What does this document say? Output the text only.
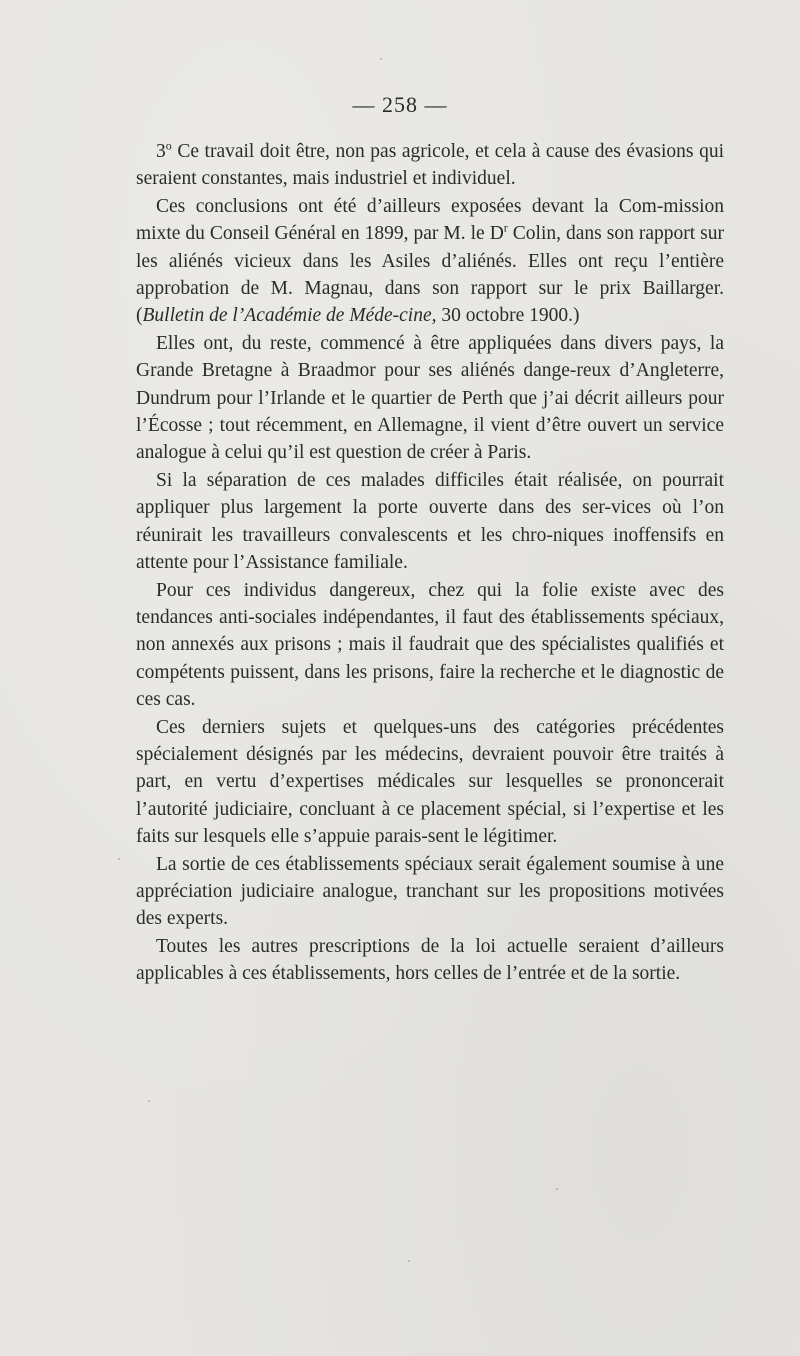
— 258 —

3$^o$ Ce travail doit être, non pas agricole, et cela à cause des évasions qui seraient constantes, mais industriel et individuel.

Ces conclusions ont été d’ailleurs exposées devant la Com-mission mixte du Conseil Général en 1899, par M. le $D^r$ Colin, dans son rapport sur les aliénés vicieux dans les Asiles d’aliénés. Elles ont reçu l’entière approbation de M. Magnau, dans son rapport sur le prix Baillarger. (Bulletin de l’Académie de Méde-cine, 30 octobre 1900.)

Elles ont, du reste, commencé à être appliquées dans divers pays, la Grande Bretagne à Braadmor pour ses aliénés dange-reux d’Angleterre, Dundrum pour l’Irlande et le quartier de Perth que j’ai décrit ailleurs pour l’Écosse ; tout récemment, en Allemagne, il vient d’être ouvert un service analogue à celui qu’il est question de créer à Paris.

Si la séparation de ces malades difficiles était réalisée, on pourrait appliquer plus largement la porte ouverte dans des ser-vices où l’on réunirait les travailleurs convalescents et les chro-niques inoffensifs en attente pour l’Assistance familiale.

Pour ces individus dangereux, chez qui la folie existe avec des tendances anti-sociales indépendantes, il faut des établissements spéciaux, non annexés aux prisons ; mais il faudrait que des spécialistes qualifiés et compétents puissent, dans les prisons, faire la recherche et le diagnostic de ces cas.

Ces derniers sujets et quelques-uns des catégories précédentes spécialement désignés par les médecins, devraient pouvoir être traités à part, en vertu d’expertises médicales sur lesquelles se prononcerait l’autorité judiciaire, concluant à ce placement spécial, si l’expertise et les faits sur lesquels elle s’appuie parais-sent le légitimer.

La sortie de ces établissements spéciaux serait également soumise à une appréciation judiciaire analogue, tranchant sur les propositions motivées des experts.

Toutes les autres prescriptions de la loi actuelle seraient d’ailleurs applicables à ces établissements, hors celles de l’entrée et de la sortie.
